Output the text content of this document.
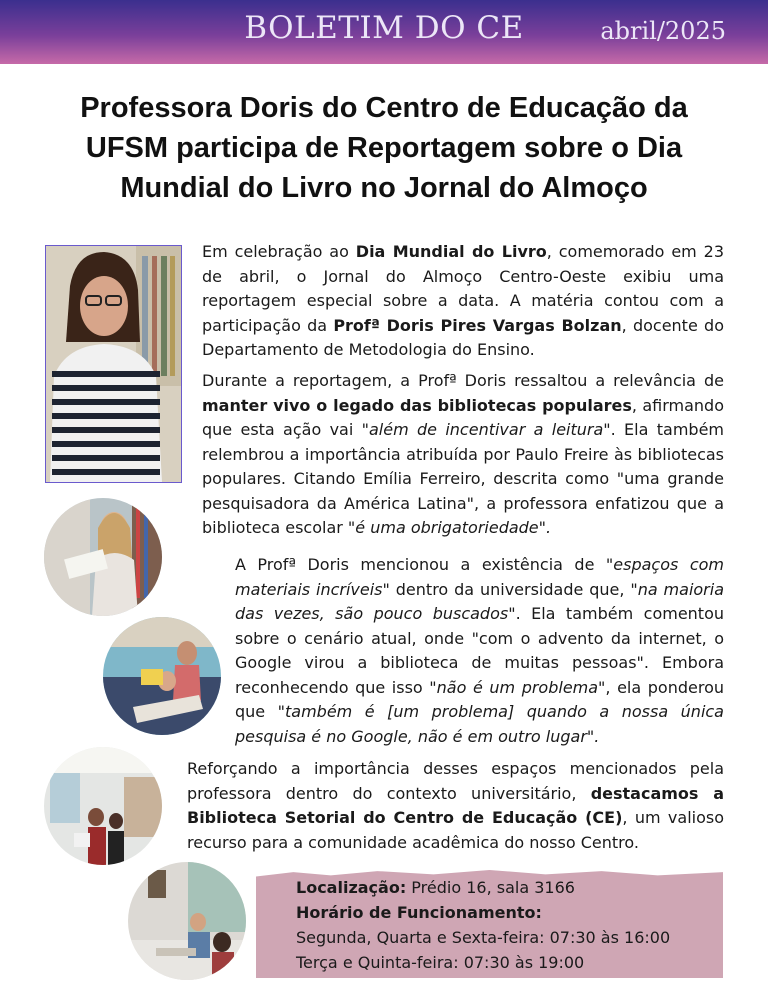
BOLETIM DO CE	abril/2025
Professora Doris do Centro de Educação da UFSM participa de Reportagem sobre o Dia Mundial do Livro no Jornal do Almoço

Em celebração ao Dia Mundial do Livro, comemorado em 23 de abril, o Jornal do Almoço Centro-Oeste exibiu uma reportagem especial sobre a data. A matéria contou com a participação da Profª Doris Pires Vargas Bolzan, docente do Departamento de Metodologia do Ensino.

Durante a reportagem, a Profª Doris ressaltou a relevância de manter vivo o legado das bibliotecas populares, afirmando que esta ação vai "além de incentivar a leitura". Ela também relembrou a importância atribuída por Paulo Freire às bibliotecas populares. Citando Emília Ferreiro, descrita como "uma grande pesquisadora da América Latina", a professora enfatizou que a biblioteca escolar "é uma obrigatoriedade".

A Profª Doris mencionou a existência de "espaços com materiais incríveis" dentro da universidade que, "na maioria das vezes, são pouco buscados". Ela também comentou sobre o cenário atual, onde "com o advento da internet, o Google virou a biblioteca de muitas pessoas". Embora reconhecendo que isso "não é um problema", ela ponderou que "também é [um problema] quando a nossa única pesquisa é no Google, não é em outro lugar".

Reforçando a importância desses espaços mencionados pela professora dentro do contexto universitário, destacamos a Biblioteca Setorial do Centro de Educação (CE), um valioso recurso para a comunidade acadêmica do nosso Centro.

Localização: Prédio 16, sala 3166
Horário de Funcionamento:
Segunda, Quarta e Sexta-feira: 07:30 às 16:00
Terça e Quinta-feira: 07:30 às 19:00
